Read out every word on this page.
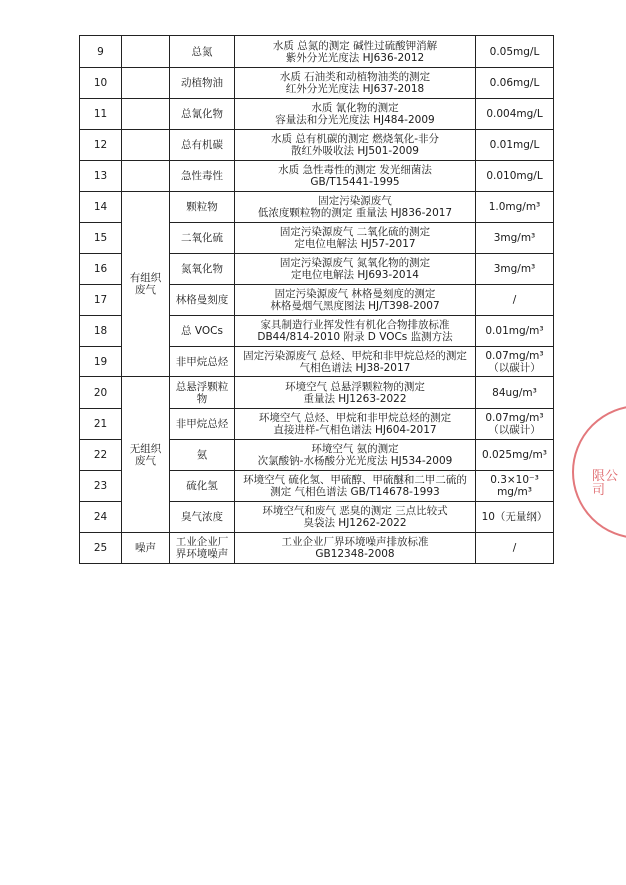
9		总氮	水质 总氮的测定 碱性过硫酸钾消解
紫外分光光度法 HJ636-2012	0.05mg/L
10		动植物油	水质 石油类和动植物油类的测定
红外分光光度法 HJ637-2018	0.06mg/L
11		总氰化物	水质 氰化物的测定
容量法和分光光度法 HJ484-2009	0.004mg/L
12		总有机碳	水质 总有机碳的测定 燃烧氧化-非分
散红外吸收法 HJ501-2009	0.01mg/L
13		急性毒性	水质 急性毒性的测定 发光细菌法
GB/T15441-1995	0.010mg/L
14	有组织废气	颗粒物	固定污染源废气
低浓度颗粒物的测定 重量法 HJ836-2017	1.0mg/m³
15		二氧化硫	固定污染源废气 二氧化硫的测定
定电位电解法 HJ57-2017	3mg/m³
16		氮氧化物	固定污染源废气 氮氧化物的测定
定电位电解法 HJ693-2014	3mg/m³
17		林格曼刻度	固定污染源废气 林格曼刻度的测定
林格曼烟气黑度图法 HJ/T398-2007	/
18		总 VOCs	家具制造行业挥发性有机化合物排放标准
DB44/814-2010 附录 D VOCs 监测方法	0.01mg/m³
19		非甲烷总烃	固定污染源废气 总烃、甲烷和非甲烷总烃的测定
气相色谱法 HJ38-2017	0.07mg/m³（以碳计）
20	无组织废气	总悬浮颗粒物	环境空气 总悬浮颗粒物的测定
重量法 HJ1263-2022	84ug/m³
21		非甲烷总烃	环境空气 总烃、甲烷和非甲烷总烃的测定
直接进样-气相色谱法 HJ604-2017	0.07mg/m³（以碳计）
22		氨	环境空气 氨的测定
次氯酸钠-水杨酸分光光度法 HJ534-2009	0.025mg/m³
23		硫化氢	环境空气 硫化氢、甲硫醇、甲硫醚和二甲二硫的
测定 气相色谱法 GB/T14678-1993	0.3×10⁻³ mg/m³
24		臭气浓度	环境空气和废气 恶臭的测定 三点比较式
臭袋法 HJ1262-2022	10（无量纲）
25	噪声	工业企业厂界环境噪声	工业企业厂界环境噪声排放标准
GB12348-2008	/
限公司
